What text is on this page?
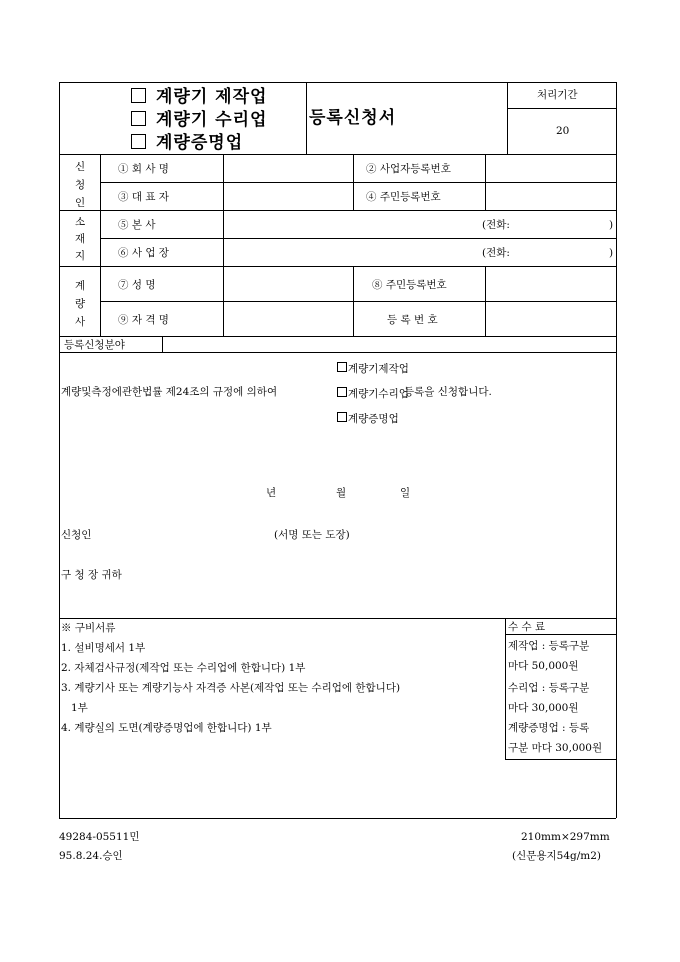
계량기 제작업
계량기 수리업
계량증명업
등록신청서
처리기간
20
신
청
인
① 회 사 명	② 사업자등록번호
③ 대 표 자	④ 주민등록번호
소
재
지
⑤ 본 사	(전화:	)
⑥ 사 업 장	(전화:	)
계
량
사
⑦ 성 명	⑧ 주민등록번호
⑨ 자 격 명	등 록 번 호
등록신청분야
계량기제작업
계량및측정에관한법률 제24조의 규정에 의하여	계량기수리업
등록을 신청합니다.
계량증명업
년	월	일
신청인	(서명 또는 도장)
구 청 장 귀하
※ 구비서류
1. 설비명세서 1부
2. 자체검사규정(제작업 또는 수리업에 한합니다) 1부
3. 계량기사 또는 계량기능사 자격증 사본(제작업 또는 수리업에 한합니다)
1부
4. 계량실의 도면(계량증명업에 한합니다) 1부
수 수 료
제작업 : 등록구분
마다 50,000원
수리업 : 등록구분
마다 30,000원
계량증명업 : 등록
구분 마다 30,000원
49284-05511민
95.8.24.승인
210mm×297mm
(신문용지54g/m2)
